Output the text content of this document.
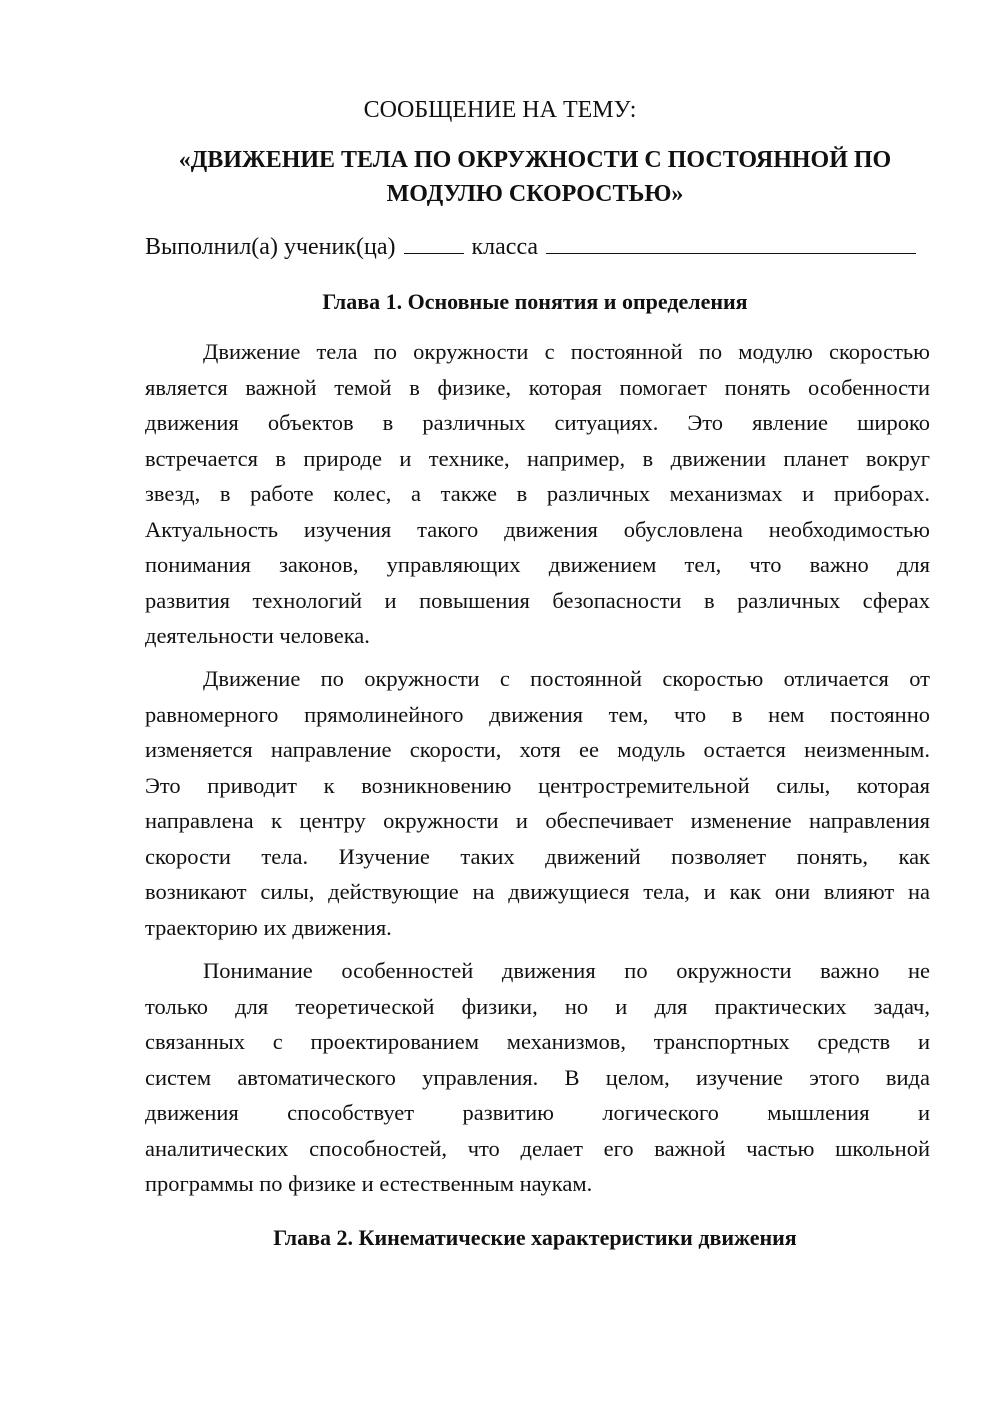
СООБЩЕНИЕ НА ТЕМУ:
«ДВИЖЕНИЕ ТЕЛА ПО ОКРУЖНОСТИ С ПОСТОЯННОЙ ПО
МОДУЛЮ СКОРОСТЬЮ»
Выполнил(а) ученик(ца)	класса
Глава 1. Основные понятия и определения
Движение тела по окружности с постоянной по модулю скоростью
является важной темой в физике, которая помогает понять особенности
движения объектов в различных ситуациях. Это явление широко
встречается в природе и технике, например, в движении планет вокруг
звезд, в работе колес, а также в различных механизмах и приборах.
Актуальность изучения такого движения обусловлена необходимостью
понимания законов, управляющих движением тел, что важно для
развития технологий и повышения безопасности в различных сферах
деятельности человека.
Движение по окружности с постоянной скоростью отличается от
равномерного прямолинейного движения тем, что в нем постоянно
изменяется направление скорости, хотя ее модуль остается неизменным.
Это приводит к возникновению центростремительной силы, которая
направлена к центру окружности и обеспечивает изменение направления
скорости тела. Изучение таких движений позволяет понять, как
возникают силы, действующие на движущиеся тела, и как они влияют на
траекторию их движения.
Понимание особенностей движения по окружности важно не
только для теоретической физики, но и для практических задач,
связанных с проектированием механизмов, транспортных средств и
систем автоматического управления. В целом, изучение этого вида
движения способствует развитию логического мышления и
аналитических способностей, что делает его важной частью школьной
программы по физике и естественным наукам.
Глава 2. Кинематические характеристики движения
